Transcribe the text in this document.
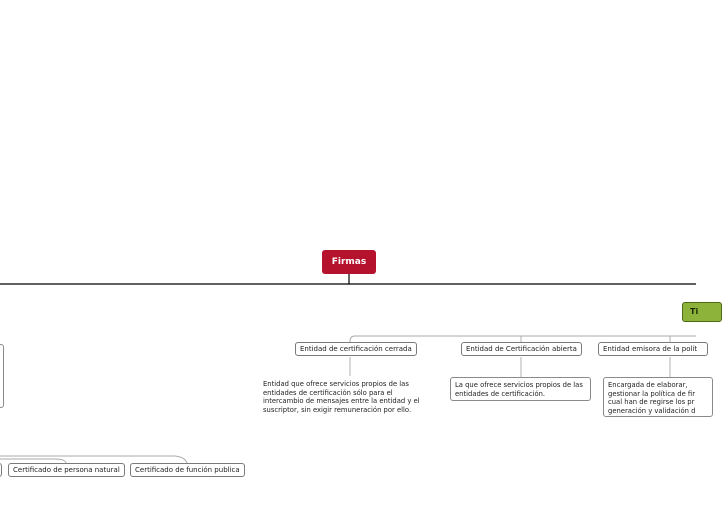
Firmas
Ti
Entidad de certificación cerrada	Entidad de Certificación abierta	Entidad emisora de la polít
Entidad que ofrece servicios propios de las entidades de certificación sólo para el intercambio de mensajes entre la entidad y el suscriptor, sin exigir remuneración por ello.
La que ofrece servicios propios de las entidades de certificación.
Encargada de elaborar, gestionar la política de fir cual han de regirse los pr generación y validación d
Certificado de persona natural	Certificado de función publica
